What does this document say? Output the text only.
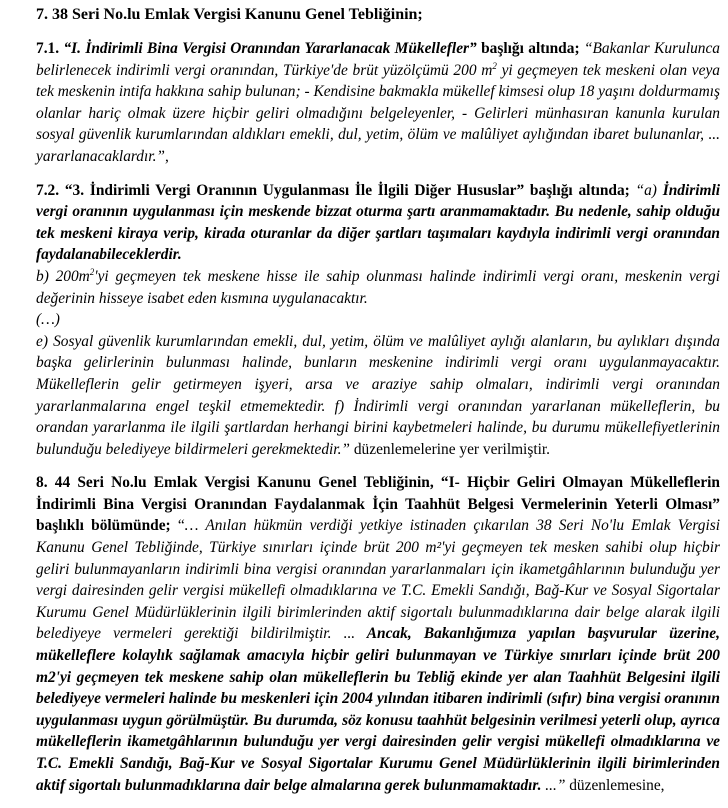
7. 38 Seri No.lu Emlak Vergisi Kanunu Genel Tebliğinin;

7.1. “I. İndirimli Bina Vergisi Oranından Yararlanacak Mükellefler” başlığı altında; “Bakanlar Kurulunca belirlenecek indirimli vergi oranından, Türkiye'de brüt yüzölçümü 200 $m^2$ yi geçmeyen tek meskeni olan veya tek meskenin intifa hakkına sahip bulunan; - Kendisine bakmakla mükellef kimsesi olup 18 yaşını doldurmamış olanlar hariç olmak üzere hiçbir geliri olmadığını belgeleyenler, - Gelirleri münhasıran kanunla kurulan sosyal güvenlik kurumlarından aldıkları emekli, dul, yetim, ölüm ve malûliyet aylığından ibaret bulunanlar, ... yararlanacaklardır.”,

7.2. “3. İndirimli Vergi Oranının Uygulanması İle İlgili Diğer Hususlar” başlığı altında; “a) İndirimli vergi oranının uygulanması için meskende bizzat oturma şartı aranmamaktadır. Bu nedenle, sahip olduğu tek meskeni kiraya verip, kirada oturanlar da diğer şartları taşımaları kaydıyla indirimli vergi oranından faydalanabileceklerdir.

b) $200m^2'yi$ geçmeyen tek meskene hisse ile sahip olunması halinde indirimli vergi oranı, meskenin vergi değerinin hisseye isabet eden kısmına uygulanacaktır.

(…)

e) Sosyal güvenlik kurumlarından emekli, dul, yetim, ölüm ve malûliyet aylığı alanların, bu aylıkları dışında başka gelirlerinin bulunması halinde, bunların meskenine indirimli vergi oranı uygulanmayacaktır. Mükelleflerin gelir getirmeyen işyeri, arsa ve araziye sahip olmaları, indirimli vergi oranından yararlanmalarına engel teşkil etmemektedir. f) İndirimli vergi oranından yararlanan mükelleflerin, bu orandan yararlanma ile ilgili şartlardan herhangi birini kaybetmeleri halinde, bu durumu mükellefiyetlerinin bulunduğu belediyeye bildirmeleri gerekmektedir.” düzenlemelerine yer verilmiştir.

8. 44 Seri No.lu Emlak Vergisi Kanunu Genel Tebliğinin, “I- Hiçbir Geliri Olmayan Mükelleflerin İndirimli Bina Vergisi Oranından Faydalanmak İçin Taahhüt Belgesi Vermelerinin Yeterli Olması” başlıklı bölümünde; “… Anılan hükmün verdiği yetkiye istinaden çıkarılan 38 Seri No'lu Emlak Vergisi Kanunu Genel Tebliğinde, Türkiye sınırları içinde brüt 200 m²'yi geçmeyen tek mesken sahibi olup hiçbir geliri bulunmayanların indirimli bina vergisi oranından yararlanmaları için ikametgâhlarının bulunduğu yer vergi dairesinden gelir vergisi mükellefi olmadıklarına ve T.C. Emekli Sandığı, Bağ-Kur ve Sosyal Sigortalar Kurumu Genel Müdürlüklerinin ilgili birimlerinden aktif sigortalı bulunmadıklarına dair belge alarak ilgili belediyeye vermeleri gerektiği bildirilmiştir. ... Ancak, Bakanlığımıza yapılan başvurular üzerine, mükelleflere kolaylık sağlamak amacıyla hiçbir geliri bulunmayan ve Türkiye sınırları içinde brüt 200 m2'yi geçmeyen tek meskene sahip olan mükelleflerin bu Tebliğ ekinde yer alan Taahhüt Belgesini ilgili belediyeye vermeleri halinde bu meskenleri için 2004 yılından itibaren indirimli (sıfır) bina vergisi oranının uygulanması uygun görülmüştür. Bu durumda, söz konusu taahhüt belgesinin verilmesi yeterli olup, ayrıca mükelleflerin ikametgâhlarının bulunduğu yer vergi dairesinden gelir vergisi mükellefi olmadıklarına ve T.C. Emekli Sandığı, Bağ-Kur ve Sosyal Sigortalar Kurumu Genel Müdürlüklerinin ilgili birimlerinden aktif sigortalı bulunmadıklarına dair belge almalarına gerek bulunmamaktadır. ...” düzenlemesine,
